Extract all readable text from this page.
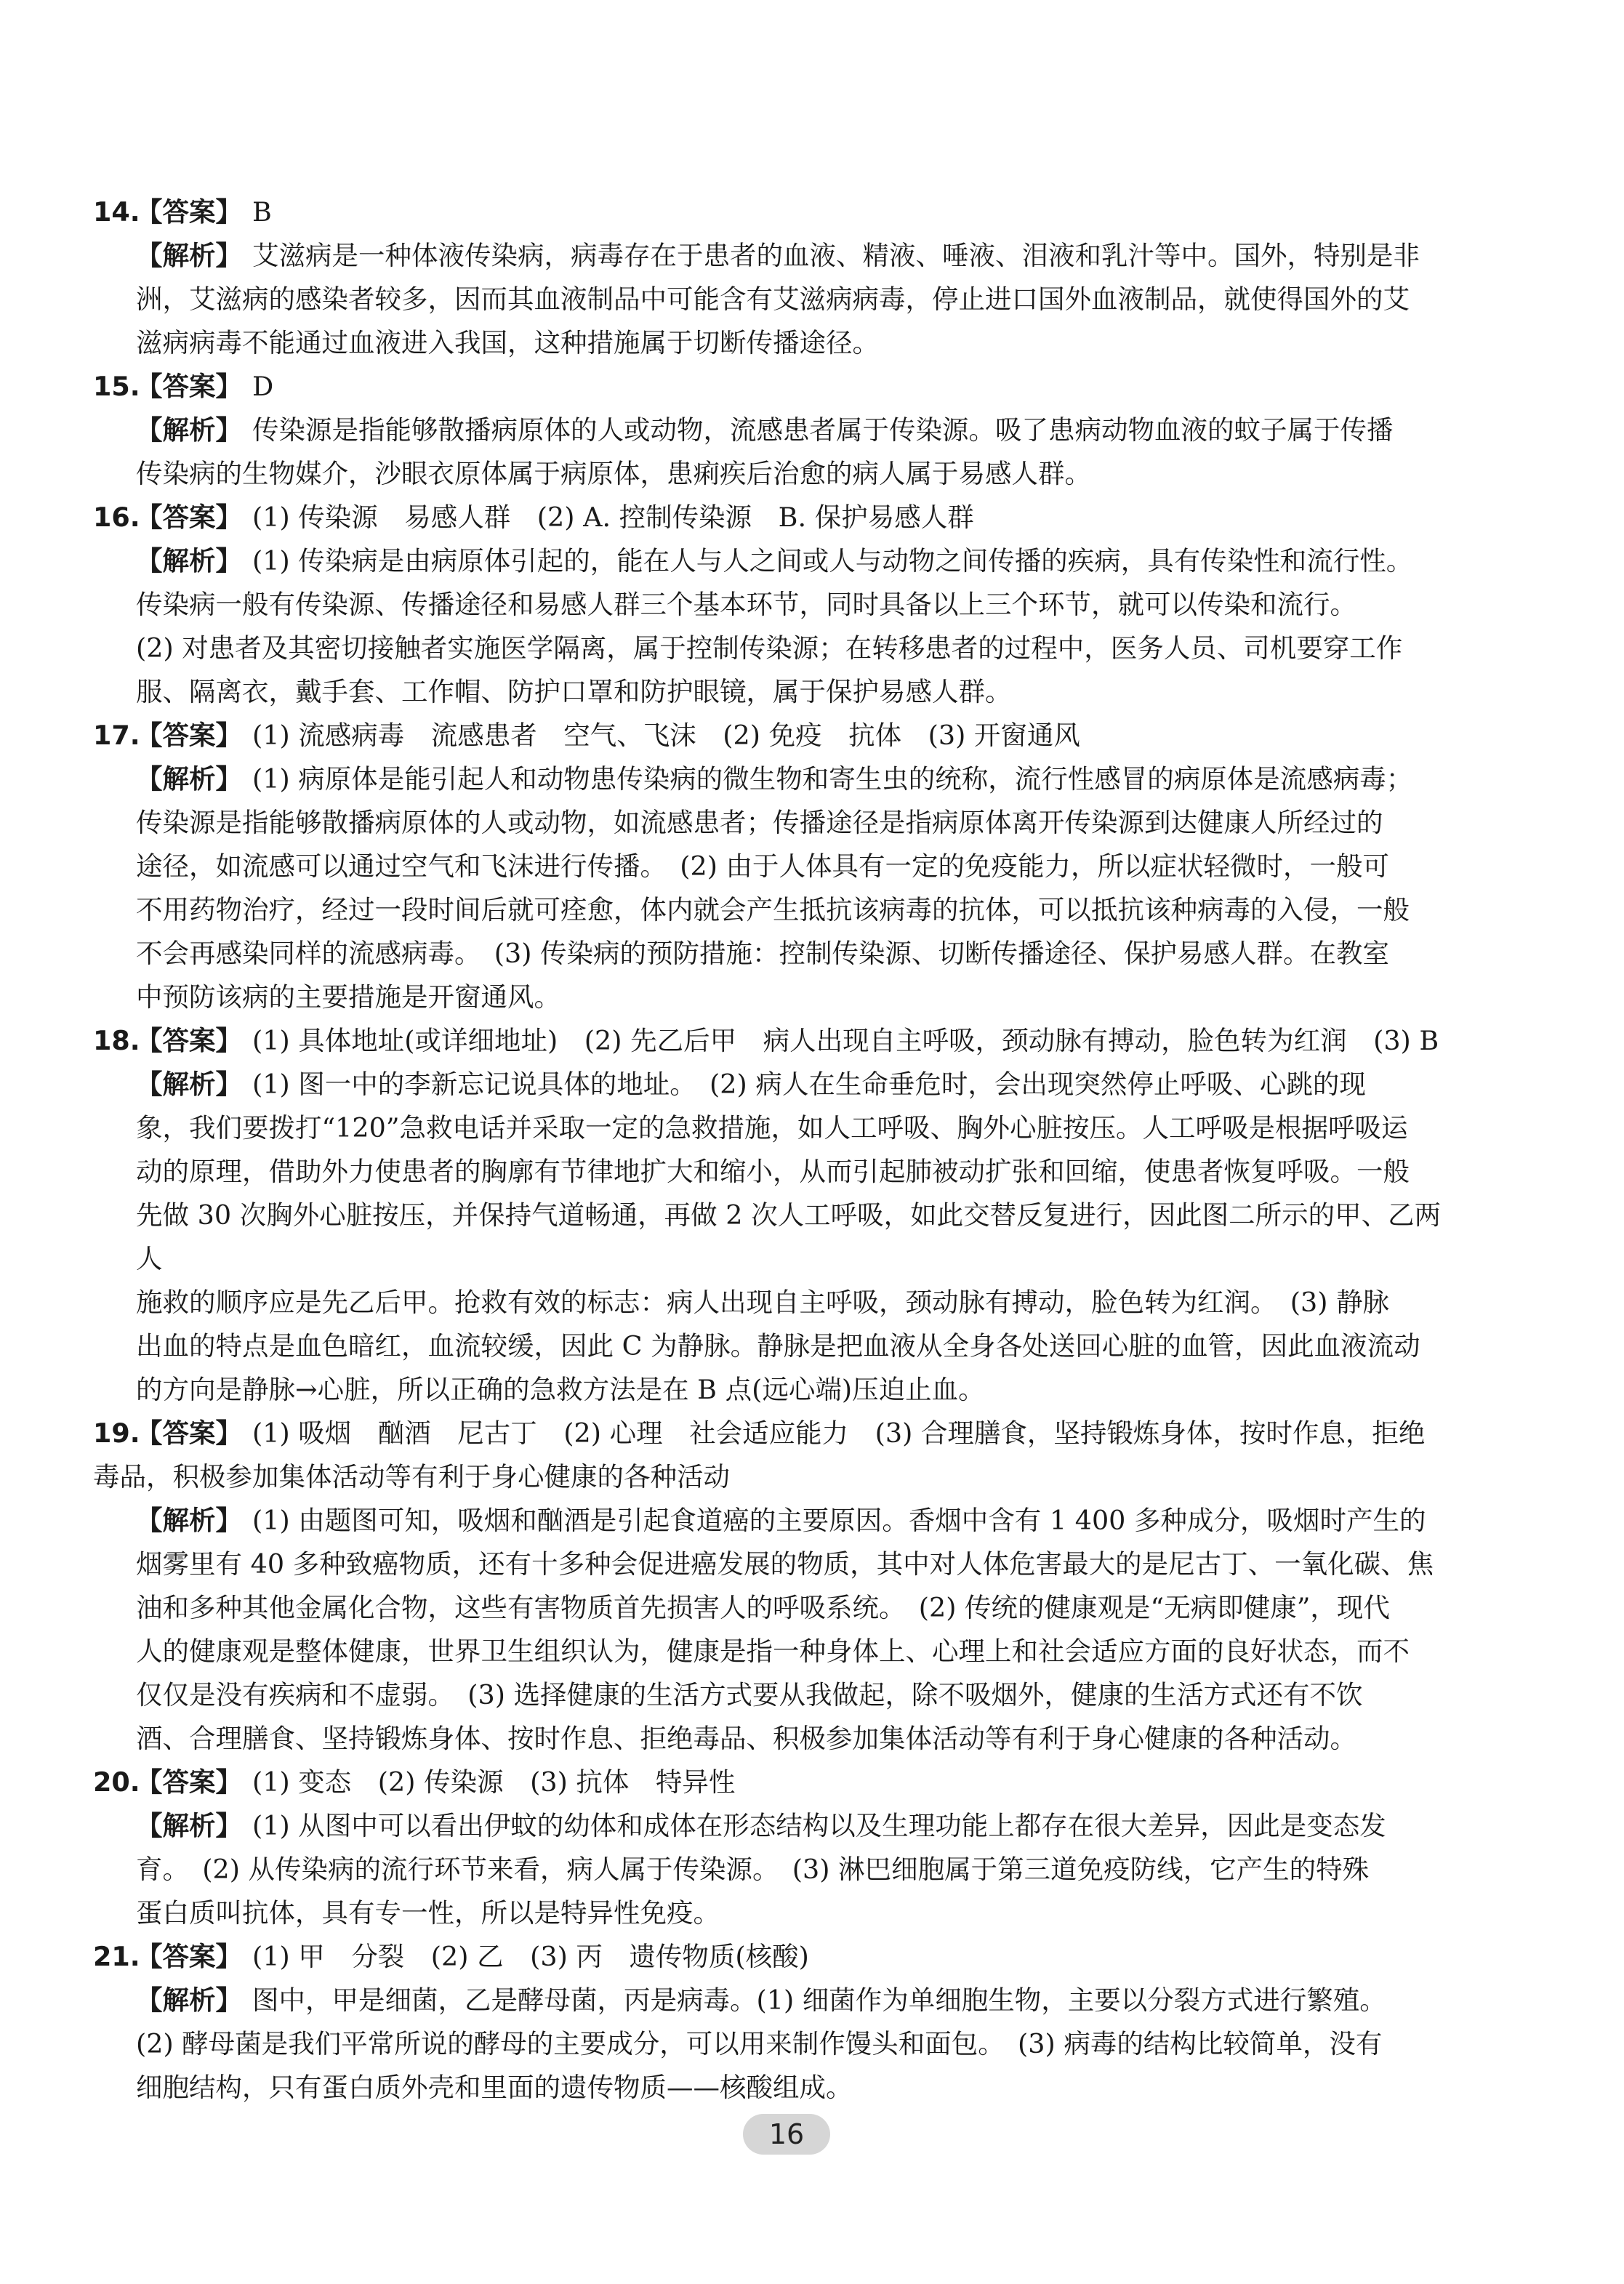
14.【答案】 B
【解析】 艾滋病是一种体液传染病，病毒存在于患者的血液、精液、唾液、泪液和乳汁等中。国外，特别是非
洲，艾滋病的感染者较多，因而其血液制品中可能含有艾滋病病毒，停止进口国外血液制品，就使得国外的艾
滋病病毒不能通过血液进入我国，这种措施属于切断传播途径。
15.【答案】 D
【解析】 传染源是指能够散播病原体的人或动物，流感患者属于传染源。吸了患病动物血液的蚊子属于传播
传染病的生物媒介，沙眼衣原体属于病原体，患痢疾后治愈的病人属于易感人群。
16.【答案】 (1) 传染源　易感人群　(2) A. 控制传染源　B. 保护易感人群
【解析】 (1) 传染病是由病原体引起的，能在人与人之间或人与动物之间传播的疾病，具有传染性和流行性。
传染病一般有传染源、传播途径和易感人群三个基本环节，同时具备以上三个环节，就可以传染和流行。
(2) 对患者及其密切接触者实施医学隔离，属于控制传染源；在转移患者的过程中，医务人员、司机要穿工作
服、隔离衣，戴手套、工作帽、防护口罩和防护眼镜，属于保护易感人群。
17.【答案】 (1) 流感病毒　流感患者　空气、飞沫　(2) 免疫　抗体　(3) 开窗通风
【解析】 (1) 病原体是能引起人和动物患传染病的微生物和寄生虫的统称，流行性感冒的病原体是流感病毒；
传染源是指能够散播病原体的人或动物，如流感患者；传播途径是指病原体离开传染源到达健康人所经过的
途径，如流感可以通过空气和飞沫进行传播。　(2) 由于人体具有一定的免疫能力，所以症状轻微时，一般可
不用药物治疗，经过一段时间后就可痊愈，体内就会产生抵抗该病毒的抗体，可以抵抗该种病毒的入侵，一般
不会再感染同样的流感病毒。　(3) 传染病的预防措施：控制传染源、切断传播途径、保护易感人群。在教室
中预防该病的主要措施是开窗通风。
18.【答案】 (1) 具体地址(或详细地址)　(2) 先乙后甲　病人出现自主呼吸，颈动脉有搏动，脸色转为红润　(3) B
【解析】 (1) 图一中的李新忘记说具体的地址。　(2) 病人在生命垂危时，会出现突然停止呼吸、心跳的现
象，我们要拨打“120”急救电话并采取一定的急救措施，如人工呼吸、胸外心脏按压。人工呼吸是根据呼吸运
动的原理，借助外力使患者的胸廓有节律地扩大和缩小，从而引起肺被动扩张和回缩，使患者恢复呼吸。一般
先做 30 次胸外心脏按压，并保持气道畅通，再做 2 次人工呼吸，如此交替反复进行，因此图二所示的甲、乙两人
施救的顺序应是先乙后甲。抢救有效的标志：病人出现自主呼吸，颈动脉有搏动，脸色转为红润。　(3) 静脉
出血的特点是血色暗红，血流较缓，因此 C 为静脉。静脉是把血液从全身各处送回心脏的血管，因此血液流动
的方向是静脉→心脏，所以正确的急救方法是在 B 点(远心端)压迫止血。
19.【答案】 (1) 吸烟　酗酒　尼古丁　(2) 心理　社会适应能力　(3) 合理膳食，坚持锻炼身体，按时作息，拒绝
毒品，积极参加集体活动等有利于身心健康的各种活动
【解析】 (1) 由题图可知，吸烟和酗酒是引起食道癌的主要原因。香烟中含有 1 400 多种成分，吸烟时产生的
烟雾里有 40 多种致癌物质，还有十多种会促进癌发展的物质，其中对人体危害最大的是尼古丁、一氧化碳、焦
油和多种其他金属化合物，这些有害物质首先损害人的呼吸系统。　(2) 传统的健康观是“无病即健康”，现代
人的健康观是整体健康，世界卫生组织认为，健康是指一种身体上、心理上和社会适应方面的良好状态，而不
仅仅是没有疾病和不虚弱。　(3) 选择健康的生活方式要从我做起，除不吸烟外，健康的生活方式还有不饮
酒、合理膳食、坚持锻炼身体、按时作息、拒绝毒品、积极参加集体活动等有利于身心健康的各种活动。
20.【答案】 (1) 变态　(2) 传染源　(3) 抗体　特异性
【解析】 (1) 从图中可以看出伊蚊的幼体和成体在形态结构以及生理功能上都存在很大差异，因此是变态发
育。　(2) 从传染病的流行环节来看，病人属于传染源。　(3) 淋巴细胞属于第三道免疫防线，它产生的特殊
蛋白质叫抗体，具有专一性，所以是特异性免疫。
21.【答案】 (1) 甲　分裂　(2) 乙　(3) 丙　遗传物质(核酸)
【解析】 图中，甲是细菌，乙是酵母菌，丙是病毒。(1) 细菌作为单细胞生物，主要以分裂方式进行繁殖。
(2) 酵母菌是我们平常所说的酵母的主要成分，可以用来制作馒头和面包。　(3) 病毒的结构比较简单，没有
细胞结构，只有蛋白质外壳和里面的遗传物质——核酸组成。
16
